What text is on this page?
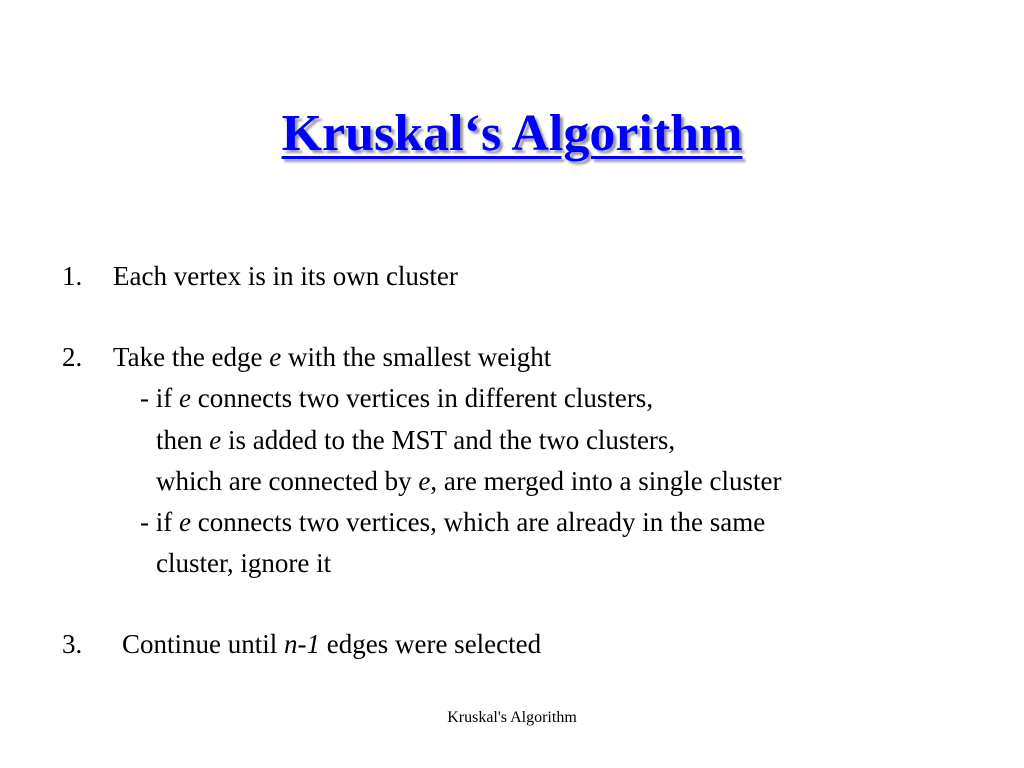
Kruskal‘s Algorithm
1. Each vertex is in its own cluster
2. Take the edge e with the smallest weight
- if e connects two vertices in different clusters,
then e is added to the MST and the two clusters,
which are connected by e, are merged into a single cluster
- if e connects two vertices, which are already in the same
cluster, ignore it
3. Continue until n-1 edges were selected
Kruskal's Algorithm
